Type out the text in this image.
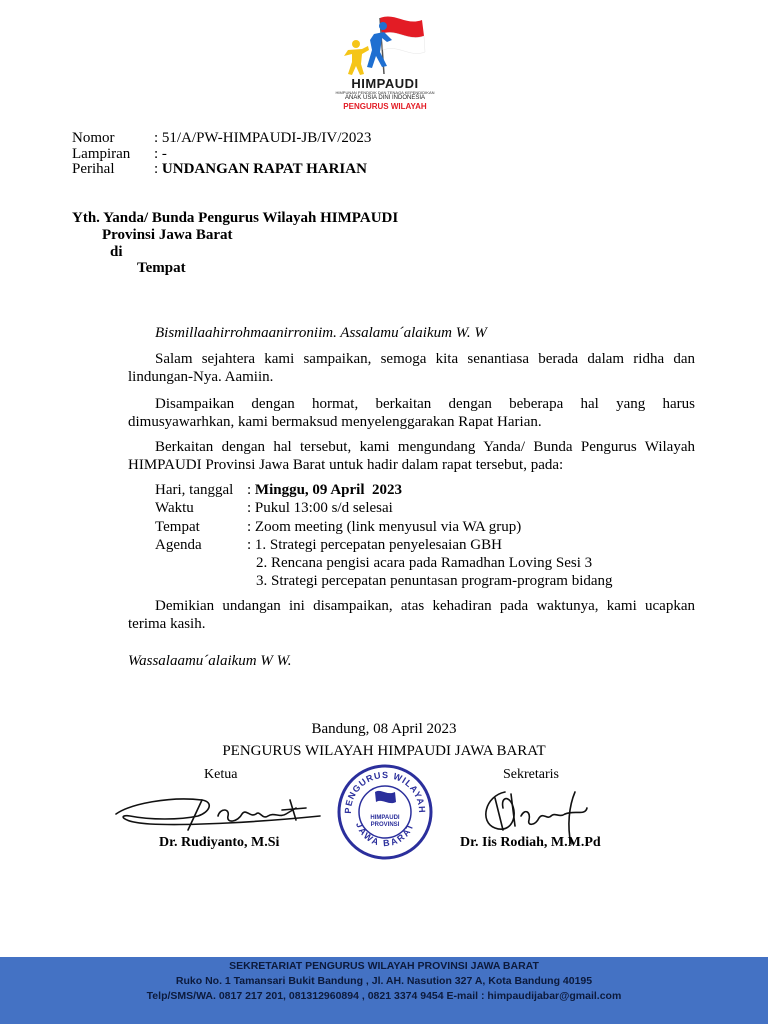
HIMPAUDI
HIMPUNAN PENDIDIK DAN TENAGA KEPENDIDIKAN
ANAK USIA DINI INDONESIA
PENGURUS WILAYAH
Nomor	: 51/A/PW-HIMPAUDI-JB/IV/2023
Lampiran : -
Perihal	: UNDANGAN RAPAT HARIAN
Yth. Yanda/ Bunda Pengurus Wilayah HIMPAUDI
Provinsi Jawa Barat
di
Tempat
Bismillaahirrohmaanirroniim. Assalamu´alaikum W. W
Salam sejahtera kami sampaikan, semoga kita senantiasa berada dalam ridha dan lindungan-Nya. Aamiin.
Disampaikan dengan hormat, berkaitan dengan beberapa hal yang harus dimusyawarhkan, kami bermaksud menyelenggarakan Rapat Harian.
Berkaitan dengan hal tersebut, kami mengundang Yanda/ Bunda Pengurus Wilayah HIMPAUDI Provinsi Jawa Barat untuk hadir dalam rapat tersebut, pada:
Hari, tanggal : Minggu, 09 April  2023
Waktu	: Pukul 13:00 s/d selesai
Tempat	: Zoom meeting (link menyusul via WA grup)
Agenda	: 1. Strategi percepatan penyelesaian GBH
2. Rencana pengisi acara pada Ramadhan Loving Sesi 3
3. Strategi percepatan penuntasan program-program bidang
Demikian undangan ini disampaikan, atas kehadiran pada waktunya, kami ucapkan terima kasih.
Wassalaamu´alaikum W W.
Bandung, 08 April 2023
PENGURUS WILAYAH HIMPAUDI JAWA BARAT
Ketua	Sekretaris
PENGURUS WILAYAH
JAWA BARAT
HIMPAUDI
PROVINSI
Dr. Rudiyanto, M.Si	Dr. Iis Rodiah, M.M.Pd
SEKRETARIAT PENGURUS WILAYAH PROVINSI JAWA BARAT
Ruko No. 1 Tamansari Bukit Bandung , Jl. AH. Nasution 327 A, Kota Bandung 40195
Telp/SMS/WA. 0817 217 201, 081312960894 , 0821 3374 9454 E-mail : himpaudijabar@gmail.com
